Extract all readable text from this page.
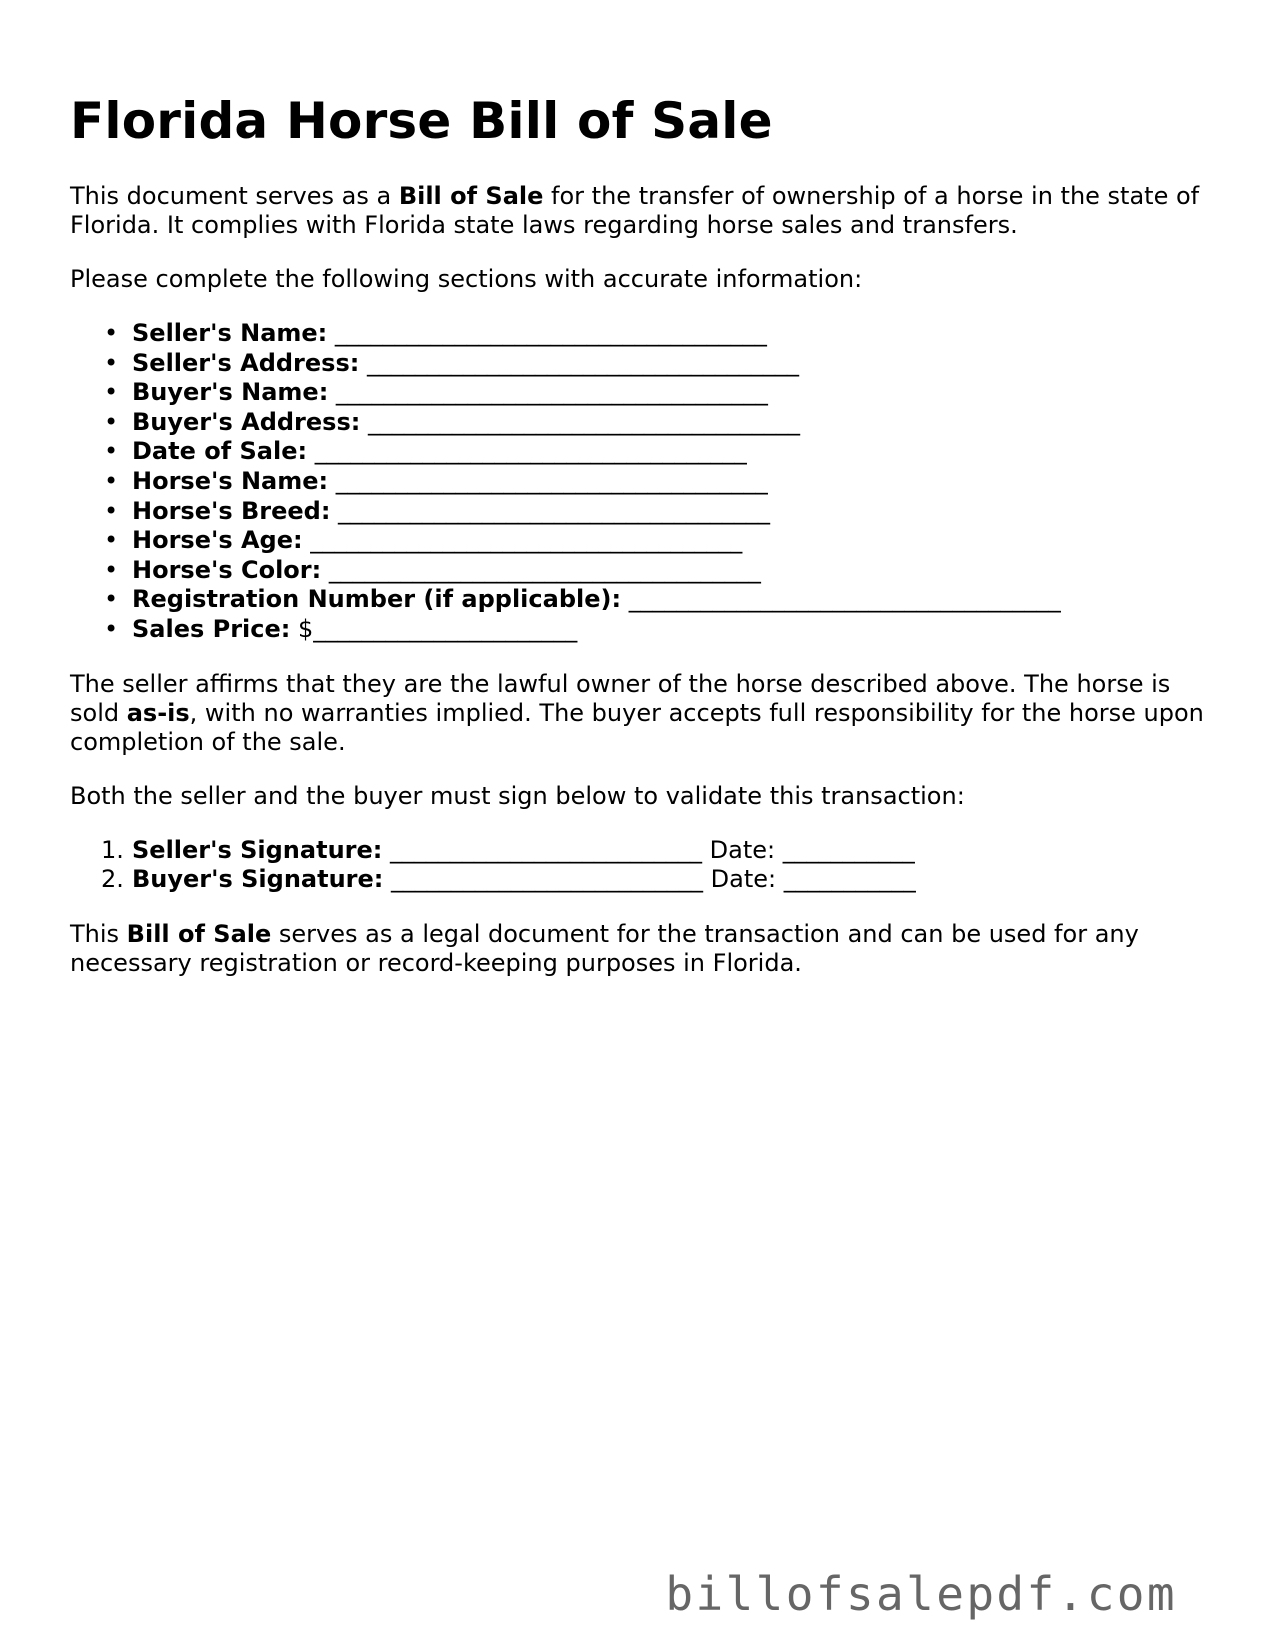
Florida Horse Bill of Sale

This document serves as a Bill of Sale for the transfer of ownership of a horse in the state of Florida. It complies with Florida state laws regarding horse sales and transfers.

Please complete the following sections with accurate information:

• Seller's Name: ____________________________________
• Seller's Address: ____________________________________
• Buyer's Name: ____________________________________
• Buyer's Address: ____________________________________
• Date of Sale: ____________________________________
• Horse's Name: ____________________________________
• Horse's Breed: ____________________________________
• Horse's Age: ____________________________________
• Horse's Color: ____________________________________
• Registration Number (if applicable): ____________________________________
• Sales Price: $______________________

The seller affirms that they are the lawful owner of the horse described above. The horse is sold as-is, with no warranties implied. The buyer accepts full responsibility for the horse upon completion of the sale.

Both the seller and the buyer must sign below to validate this transaction:

1. Seller's Signature: __________________________ Date: ___________
2. Buyer's Signature: __________________________ Date: ___________

This Bill of Sale serves as a legal document for the transaction and can be used for any necessary registration or record-keeping purposes in Florida.

billofsalepdf.com
